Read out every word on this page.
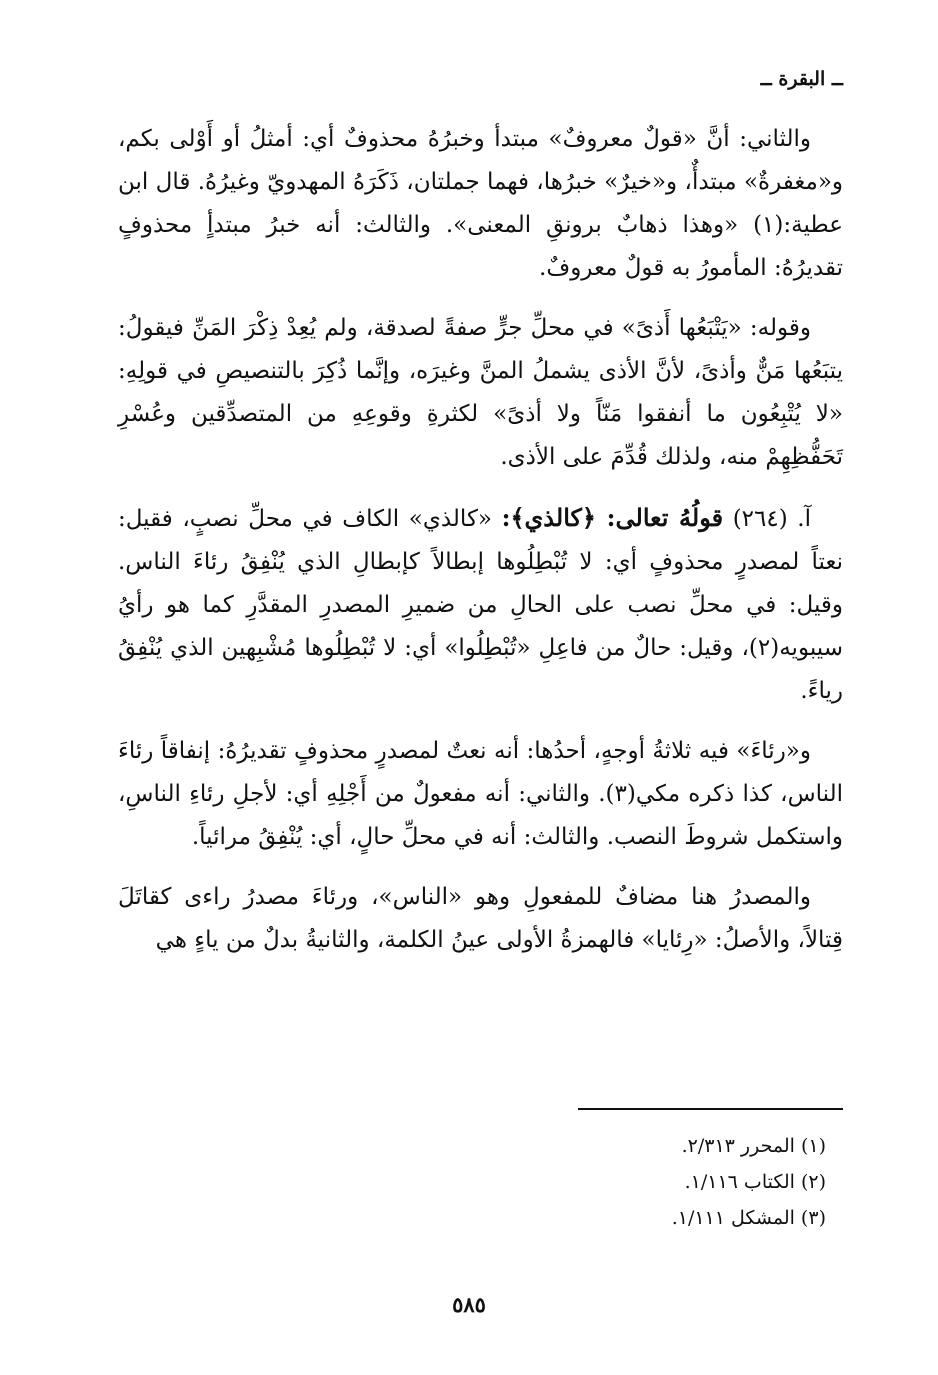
ــ البقرة ــ

والثاني: أنَّ «قولٌ معروفٌ» مبتدأ وخبرُهُ محذوفٌ أي: أمثلُ أو أَوْلى بكم، و«مغفرةٌ» مبتدأٌ، و«خيرٌ» خبرُها، فهما جملتان، ذَكَرَهُ المهدويّ وغيرُهُ. قال ابن عطية:(١) «وهذا ذهابٌ برونقِ المعنى». والثالث: أنه خبرُ مبتدأٍ محذوفٍ تقديرُهُ: المأمورُ به قولٌ معروفٌ.

وقوله: «يَتْبَعُها أَذىً» في محلِّ جرٍّ صفةً لصدقة، ولم يُعِدْ ذِكْرَ المَنِّ فيقولُ: يتبَعُها مَنٌّ وأذىً، لأنَّ الأذى يشملُ المنَّ وغيرَه، وإنَّما ذُكِرَ بالتنصيصِ في قولِهِ: «لا يُتْبِعُون ما أنفقوا مَنّاً ولا أذىً» لكثرةِ وقوعِهِ من المتصدِّقين وعُسْرِ تَحَفُّظِهِمْ منه، ولذلك قُدِّمَ على الأذى.

آ. (٢٦٤) قولُهُ تعالى: ﴿كالذي﴾: «كالذي» الكاف في محلِّ نصبٍ، فقيل: نعتاً لمصدرٍ محذوفٍ أي: لا تُبْطِلُوها إبطالاً كإبطالِ الذي يُنْفِقُ رئاءَ الناس. وقيل: في محلِّ نصب على الحالِ من ضميرِ المصدرِ المقدَّرِ كما هو رأيُ سيبويه(٢)، وقيل: حالٌ من فاعِلِ «تُبْطِلُوا» أي: لا تُبْطِلُوها مُشْبِهين الذي يُنْفِقُ رياءً.

و«رئاءَ» فيه ثلاثةُ أوجهٍ، أحدُها: أنه نعتٌ لمصدرٍ محذوفٍ تقديرُهُ: إنفاقاً رئاءَ الناس، كذا ذكره مكي(٣). والثاني: أنه مفعولٌ من أَجْلِهِ أي: لأجلِ رئاءِ الناسِ، واستكمل شروطَ النصب. والثالث: أنه في محلِّ حالٍ، أي: يُنْفِقُ مرائياً.

والمصدرُ هنا مضافٌ للمفعولِ وهو «الناس»، ورئاءَ مصدرُ راءى كقاتَلَ قِتالاً، والأصلُ: «رِئايا» فالهمزةُ الأولى عينُ الكلمة، والثانيةُ بدلٌ من ياءٍ هي

(١) المحرر ٢/٣١٣.
(٢) الكتاب ١/١١٦.
(٣) المشكل ١/١١١.
٥٨٥
